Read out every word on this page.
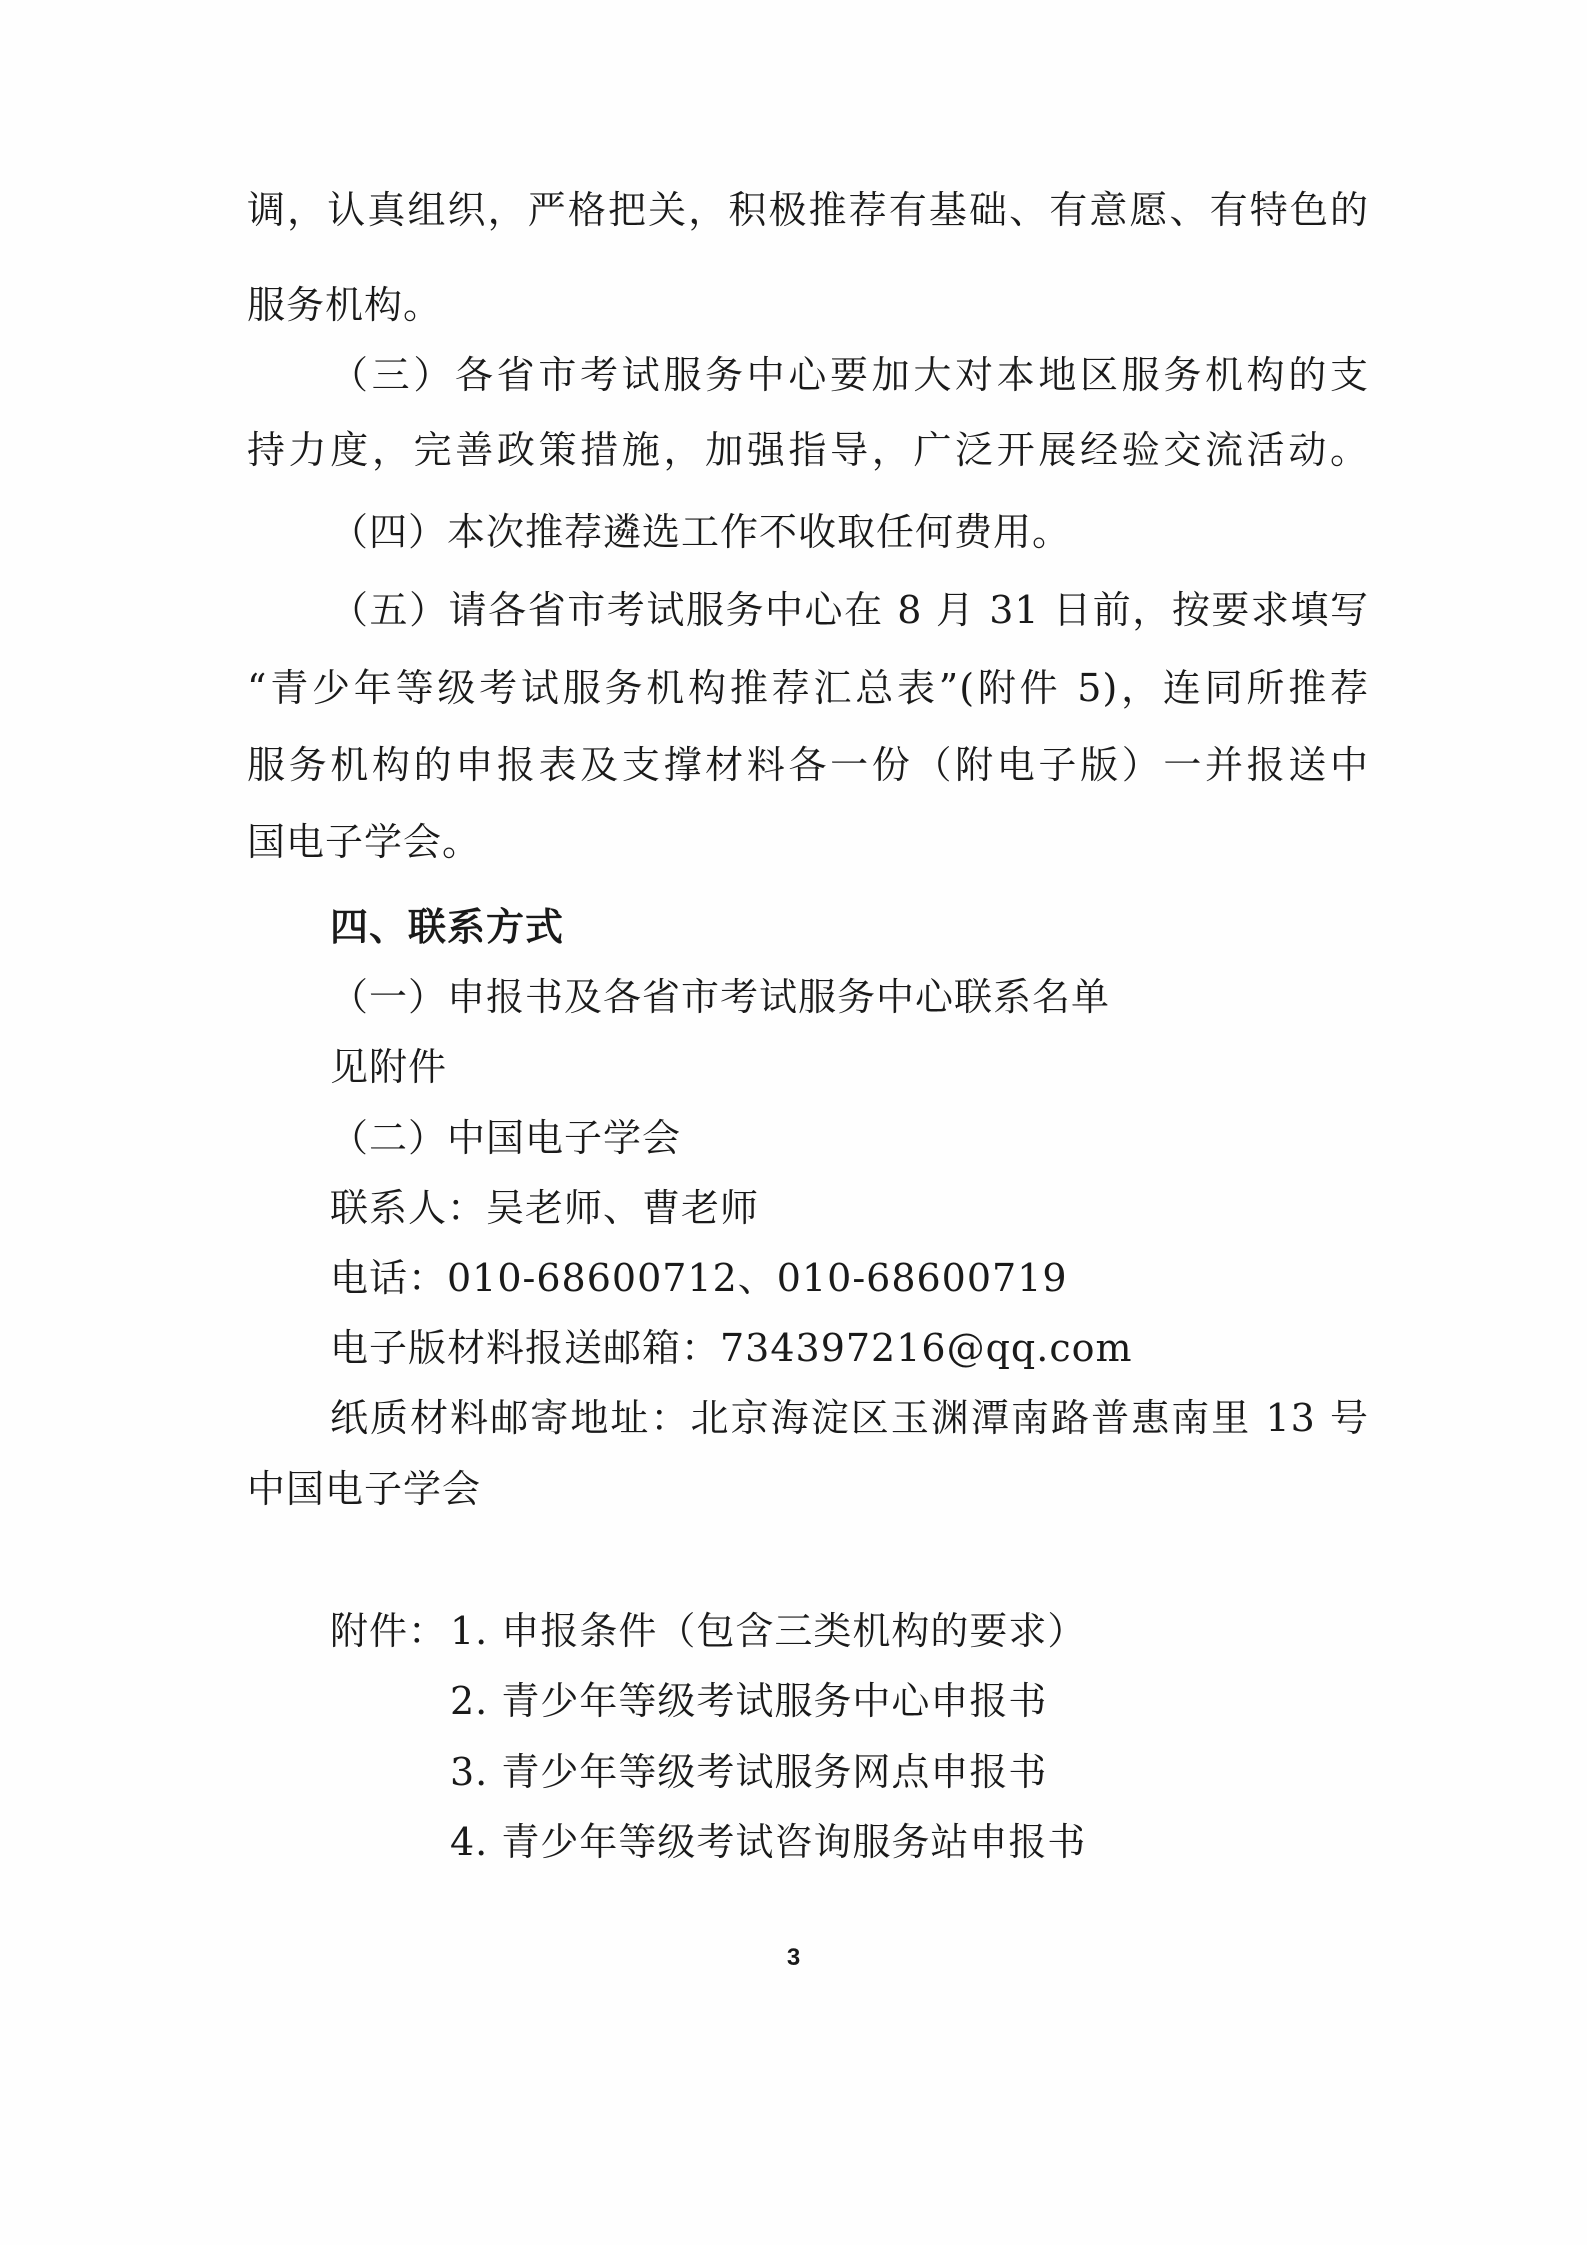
调，认真组织，严格把关，积极推荐有基础、有意愿、有特色的
服务机构。
（三）各省市考试服务中心要加大对本地区服务机构的支
持力度，完善政策措施，加强指导，广泛开展经验交流活动。
（四）本次推荐遴选工作不收取任何费用。
（五）请各省市考试服务中心在 8 月 31 日前，按要求填写
“青少年等级考试服务机构推荐汇总表”(附件 5)，连同所推荐
服务机构的申报表及支撑材料各一份（附电子版）一并报送中
国电子学会。
四、联系方式
（一）申报书及各省市考试服务中心联系名单
见附件
（二）中国电子学会
联系人：吴老师、曹老师
电话：010-68600712、010-68600719
电子版材料报送邮箱：734397216@qq.com
纸质材料邮寄地址：北京海淀区玉渊潭南路普惠南里 13 号
中国电子学会
附件： 1. 申报条件（包含三类机构的要求）
2. 青少年等级考试服务中心申报书
3. 青少年等级考试服务网点申报书
4. 青少年等级考试咨询服务站申报书
3
